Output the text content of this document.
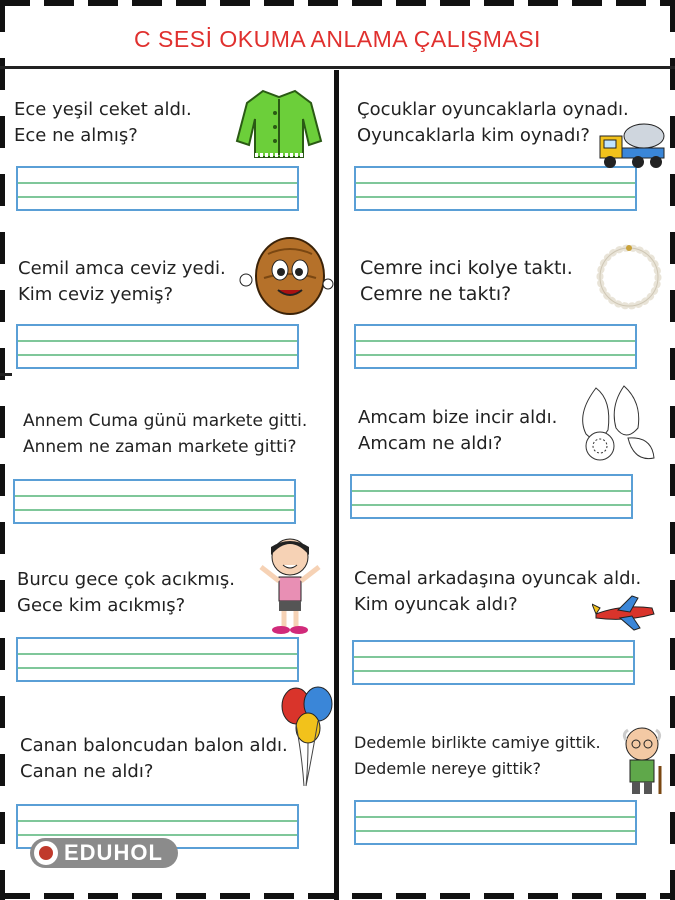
C SESİ OKUMA ANLAMA ÇALIŞMASI
Ece yeşil ceket aldı.
Ece ne almış?
Cemil amca ceviz yedi.
Kim ceviz yemiş?
Annem Cuma günü markete gitti.
Annem ne zaman markete gitti?
Burcu gece çok acıkmış.
Gece kim acıkmış?
Canan baloncudan balon aldı.
Canan ne aldı?
Çocuklar oyuncaklarla oynadı.
Oyuncaklarla kim oynadı?
Cemre inci kolye taktı.
Cemre ne taktı?
Amcam bize incir aldı.
Amcam ne aldı?
Cemal arkadaşına oyuncak aldı.
Kim oyuncak aldı?
Dedemle birlikte camiye gittik.
Dedemle nereye gittik?
EDUHOL
